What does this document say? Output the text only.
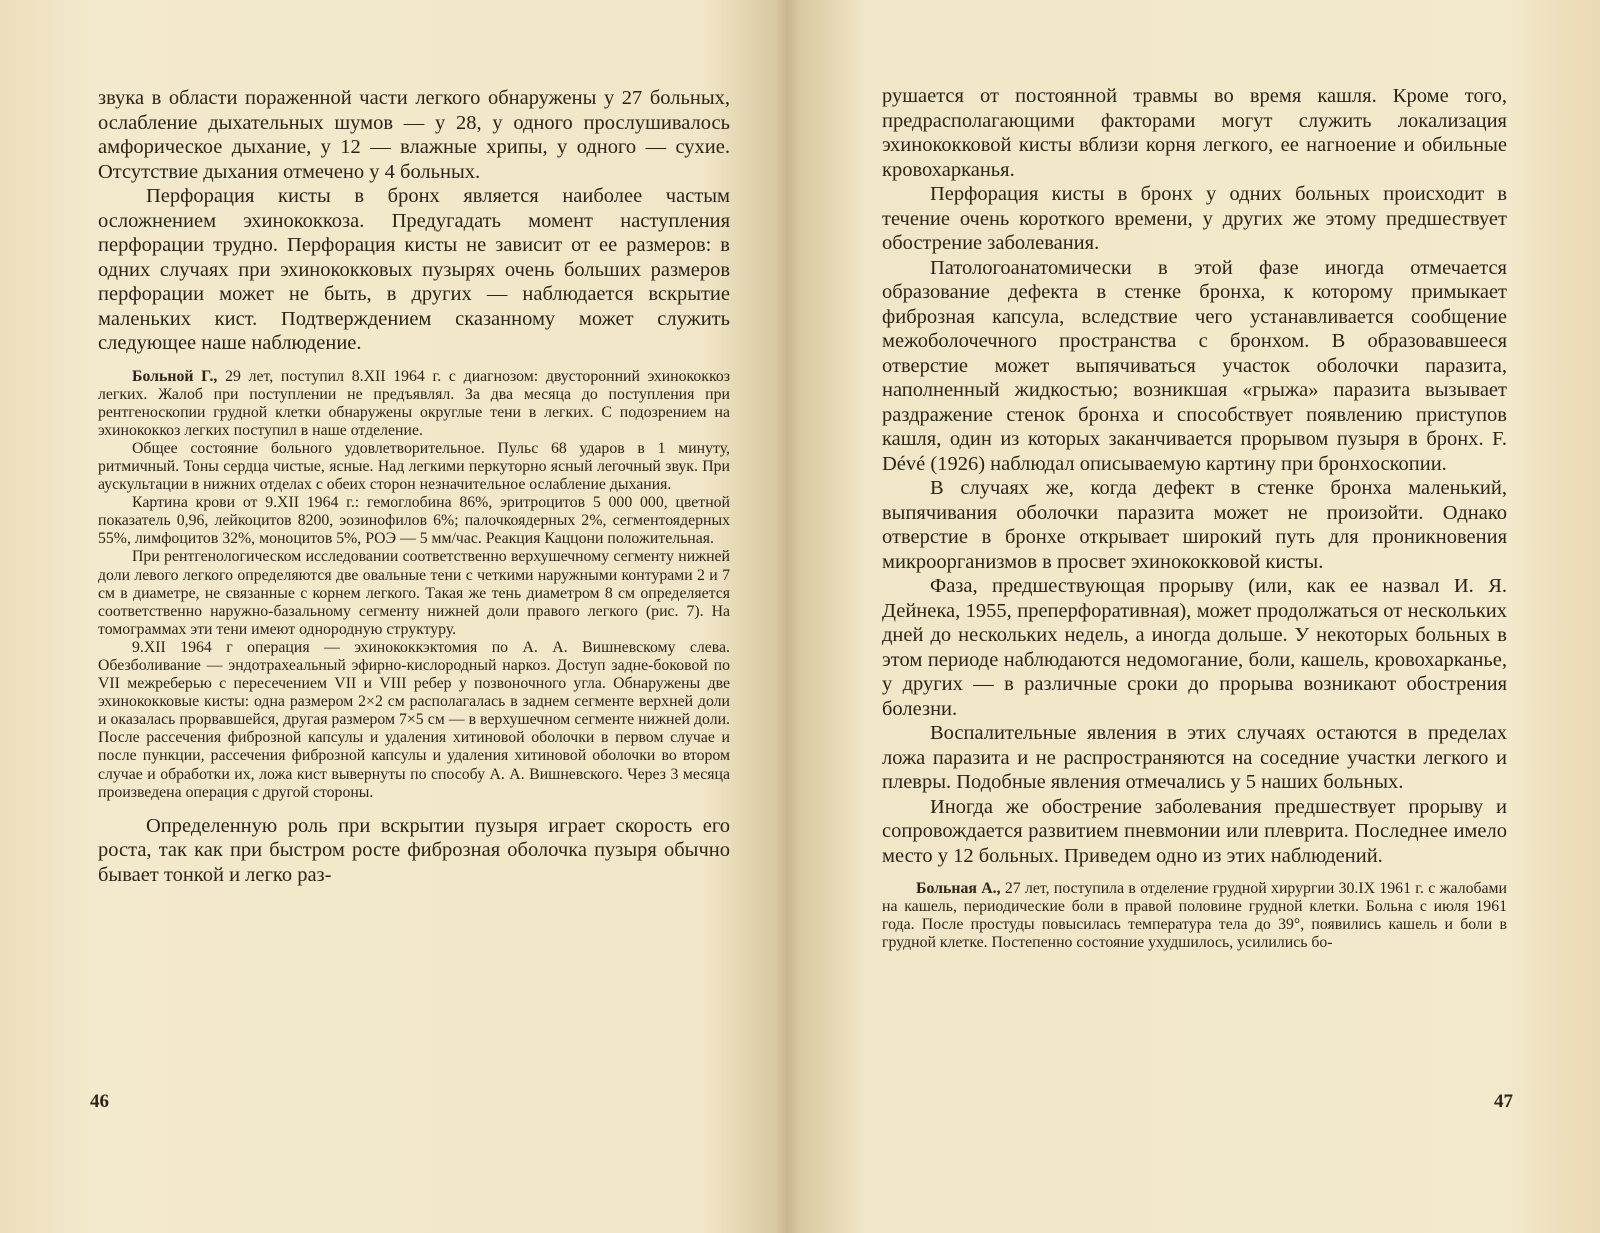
звука в области пораженной части легкого обнаружены у 27 больных, ослабление дыхательных шумов — у 28, у одного прослушивалось амфорическое дыхание, у 12 — влажные хрипы, у одного — сухие. Отсутствие дыхания отмечено у 4 больных.

Перфорация кисты в бронх является наиболее частым осложнением эхинококкоза. Предугадать момент наступления перфорации трудно. Перфорация кисты не зависит от ее размеров: в одних случаях при эхинококковых пузырях очень больших размеров перфорации может не быть, в других — наблюдается вскрытие маленьких кист. Подтверждением сказанному может служить следующее наше наблюдение.

Больной Г., 29 лет, поступил 8.XII 1964 г. с диагнозом: двусторонний эхинококкоз легких. Жалоб при поступлении не предъявлял. За два месяца до поступления при рентгеноскопии грудной клетки обнаружены округлые тени в легких. С подозрением на эхинококкоз легких поступил в наше отделение.

Общее состояние больного удовлетворительное. Пульс 68 ударов в 1 минуту, ритмичный. Тоны сердца чистые, ясные. Над легкими перкуторно ясный легочный звук. При аускультации в нижних отделах с обеих сторон незначительное ослабление дыхания.

Картина крови от 9.XII 1964 г.: гемоглобина 86%, эритроцитов 5 000 000, цветной показатель 0,96, лейкоцитов 8200, эозинофилов 6%; палочкоядерных 2%, сегментоядерных 55%, лимфоцитов 32%, моноцитов 5%, РОЭ — 5 мм/час. Реакция Каццони положительная.

При рентгенологическом исследовании соответственно верхушечному сегменту нижней доли левого легкого определяются две овальные тени с четкими наружными контурами 2 и 7 см в диаметре, не связанные с корнем легкого. Такая же тень диаметром 8 см определяется соответственно наружно-базальному сегменту нижней доли правого легкого (рис. 7). На томограммах эти тени имеют однородную структуру.

9.XII 1964 г операция — эхинококкэктомия по А. А. Вишневскому слева. Обезболивание — эндотрахеальный эфирно-кислородный наркоз. Доступ задне-боковой по VII межреберью с пересечением VII и VIII ребер у позвоночного угла. Обнаружены две эхинококковые кисты: одна размером 2×2 см располагалась в заднем сегменте верхней доли и оказалась прорвавшейся, другая размером 7×5 см — в верхушечном сегменте нижней доли. После рассечения фиброзной капсулы и удаления хитиновой оболочки в первом случае и после пункции, рассечения фиброзной капсулы и удаления хитиновой оболочки во втором случае и обработки их, ложа кист вывернуты по способу А. А. Вишневского. Через 3 месяца произведена операция с другой стороны.

Определенную роль при вскрытии пузыря играет скорость его роста, так как при быстром росте фиброзная оболочка пузыря обычно бывает тонкой и легко раз-

46

рушается от постоянной травмы во время кашля. Кроме того, предрасполагающими факторами могут служить локализация эхинококковой кисты вблизи корня легкого, ее нагноение и обильные кровохарканья.

Перфорация кисты в бронх у одних больных происходит в течение очень короткого времени, у других же этому предшествует обострение заболевания.

Патологоанатомически в этой фазе иногда отмечается образование дефекта в стенке бронха, к которому примыкает фиброзная капсула, вследствие чего устанавливается сообщение межоболочечного пространства с бронхом. В образовавшееся отверстие может выпячиваться участок оболочки паразита, наполненный жидкостью; возникшая «грыжа» паразита вызывает раздражение стенок бронха и способствует появлению приступов кашля, один из которых заканчивается прорывом пузыря в бронх. F. Dévé (1926) наблюдал описываемую картину при бронхоскопии.

В случаях же, когда дефект в стенке бронха маленький, выпячивания оболочки паразита может не произойти. Однако отверстие в бронхе открывает широкий путь для проникновения микроорганизмов в просвет эхинококковой кисты.

Фаза, предшествующая прорыву (или, как ее назвал И. Я. Дейнека, 1955, преперфоративная), может продолжаться от нескольких дней до нескольких недель, а иногда дольше. У некоторых больных в этом периоде наблюдаются недомогание, боли, кашель, кровохарканье, у других — в различные сроки до прорыва возникают обострения болезни.

Воспалительные явления в этих случаях остаются в пределах ложа паразита и не распространяются на соседние участки легкого и плевры. Подобные явления отмечались у 5 наших больных.

Иногда же обострение заболевания предшествует прорыву и сопровождается развитием пневмонии или плеврита. Последнее имело место у 12 больных. Приведем одно из этих наблюдений.

Больная А., 27 лет, поступила в отделение грудной хирургии 30.IX 1961 г. с жалобами на кашель, периодические боли в правой половине грудной клетки. Больна с июля 1961 года. После простуды повысилась температура тела до 39°, появились кашель и боли в грудной клетке. Постепенно состояние ухудшилось, усилились бо-

47
